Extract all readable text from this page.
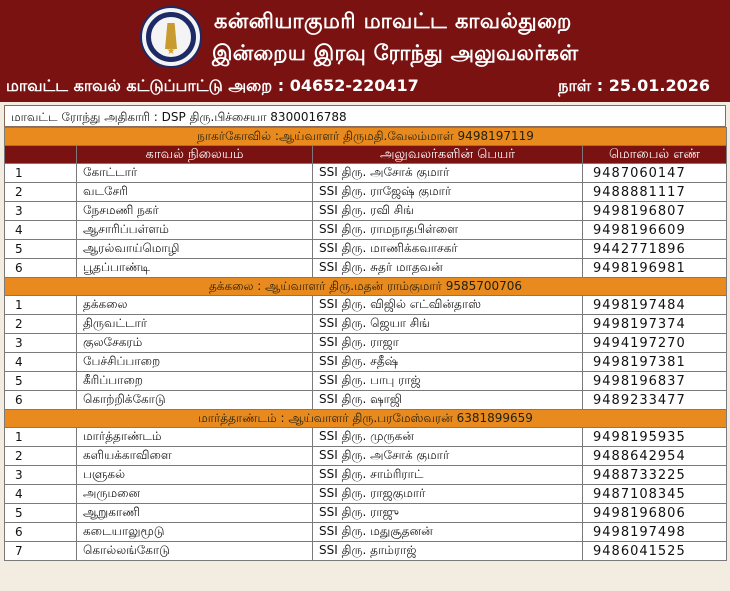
★
கன்னியாகுமரி மாவட்ட காவல்துறை
இன்றைய இரவு ரோந்து அலுவலர்கள்
மாவட்ட காவல் கட்டுப்பாட்டு அறை : 04652-220417	நாள் : 25.01.2026
மாவட்ட ரோந்து அதிகாரி : DSP திரு.பிச்சையா 8300016788
நாகர்கோவில் :ஆய்வாளர் திருமதி.வேலம்மாள் 9498197119			
	காவல் நிலையம்	அலுவலர்களின் பெயர்	மொபைல் எண்
1	கோட்டார்	SSI திரு. அசோக் குமார்	9487060147
2	வடசேரி	SSI திரு. ராஜேஷ் குமார்	9488881117
3	நேசமணி நகர்	SSI திரு. ரவி சிங்	9498196807
4	ஆசாரிப்பள்ளம்	SSI திரு. ராமநாதபிள்ளை	9498196609
5	ஆரல்வாய்மொழி	SSI திரு. மாணிக்கவாசகர்	9442771896
6	பூதப்பாண்டி	SSI திரு. சுதர் மாதவன்	9498196981
தக்கலை : ஆய்வாளர் திரு.மதன் ராம்குமார் 9585700706			
1	தக்கலை	SSI திரு. விஜில் எட்வின்தாஸ்	9498197484
2	திருவட்டார்	SSI திரு. ஜெயா சிங்	9498197374
3	குலசேகரம்	SSI திரு. ராஜா	9494197270
4	பேச்சிப்பாறை	SSI திரு. சதீஷ்	9498197381
5	கீரிப்பாறை	SSI திரு. பாபு ராஜ்	9498196837
6	கொற்றிக்கோடு	SSI திரு. ஷாஜி	9489233477
மார்த்தாண்டம் : ஆய்வாளர் திரு.பரமேஸ்வரன் 6381899659			
1	மார்த்தாண்டம்	SSI திரு. முருகன்	9498195935
2	களியக்காவிளை	SSI திரு. அசோக் குமார்	9488642954
3	பளுகல்	SSI திரு. சாம்ரிராட்	9488733225
4	அருமனை	SSI திரு. ராஜகுமார்	9487108345
5	ஆறுகாணி	SSI திரு. ராஜு	9498196806
6	கடையாலுமூடு	SSI திரு. மதுசூதனன்	9498197498
7	கொல்லங்கோடு	SSI திரு. தாம்ராஜ்	9486041525
